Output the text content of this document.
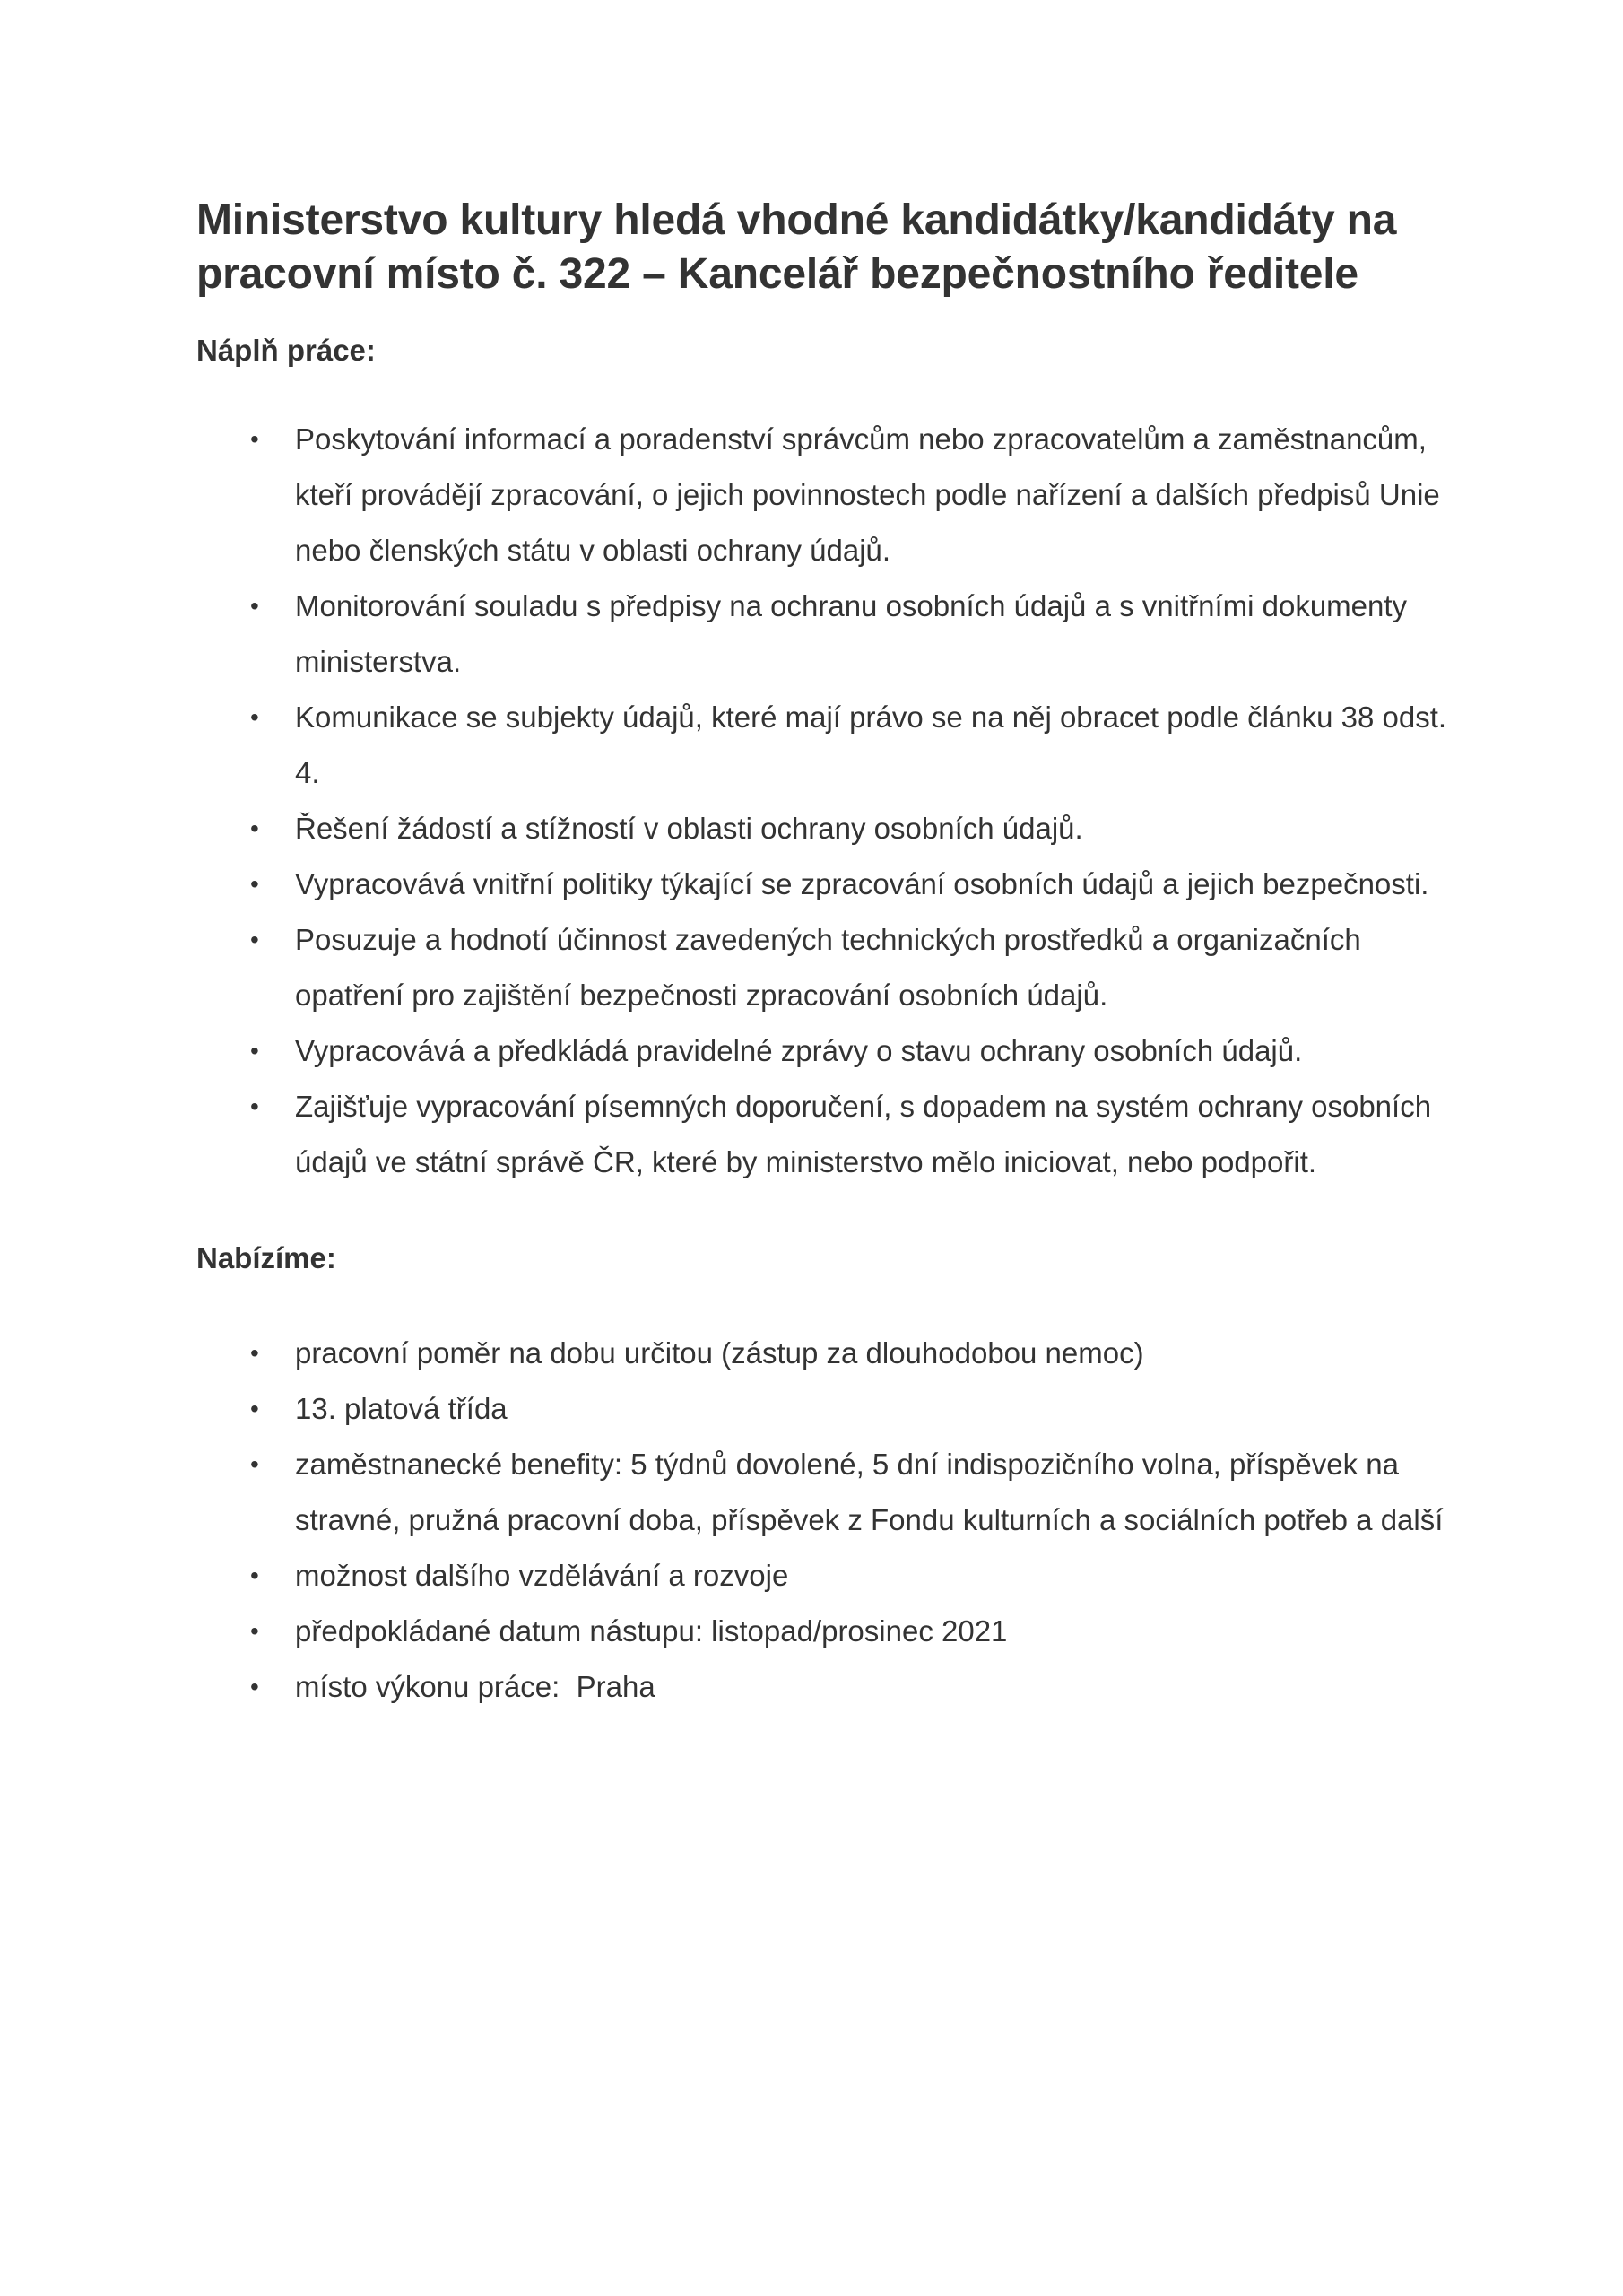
Ministerstvo kultury hledá vhodné kandidátky/kandidáty na pracovní místo č. 322 – Kancelář bezpečnostního ředitele
Náplň práce:
• Poskytování informací a poradenství správcům nebo zpracovatelům a zaměstnancům, kteří provádějí zpracování, o jejich povinnostech podle nařízení a dalších předpisů Unie nebo členských státu v oblasti ochrany údajů.
• Monitorování souladu s předpisy na ochranu osobních údajů a s vnitřními dokumenty ministerstva.
• Komunikace se subjekty údajů, které mají právo se na něj obracet podle článku 38 odst. 4.
• Řešení žádostí a stížností v oblasti ochrany osobních údajů.
• Vypracovává vnitřní politiky týkající se zpracování osobních údajů a jejich bezpečnosti.
• Posuzuje a hodnotí účinnost zavedených technických prostředků a organizačních opatření pro zajištění bezpečnosti zpracování osobních údajů.
• Vypracovává a předkládá pravidelné zprávy o stavu ochrany osobních údajů.
• Zajišťuje vypracování písemných doporučení, s dopadem na systém ochrany osobních údajů ve státní správě ČR, které by ministerstvo mělo iniciovat, nebo podpořit.
Nabízíme:
• pracovní poměr na dobu určitou (zástup za dlouhodobou nemoc)
• 13. platová třída
• zaměstnanecké benefity: 5 týdnů dovolené, 5 dní indispozičního volna, příspěvek na stravné, pružná pracovní doba, příspěvek z Fondu kulturních a sociálních potřeb a další
• možnost dalšího vzdělávání a rozvoje
• předpokládané datum nástupu: listopad/prosinec 2021
• místo výkonu práce:  Praha
